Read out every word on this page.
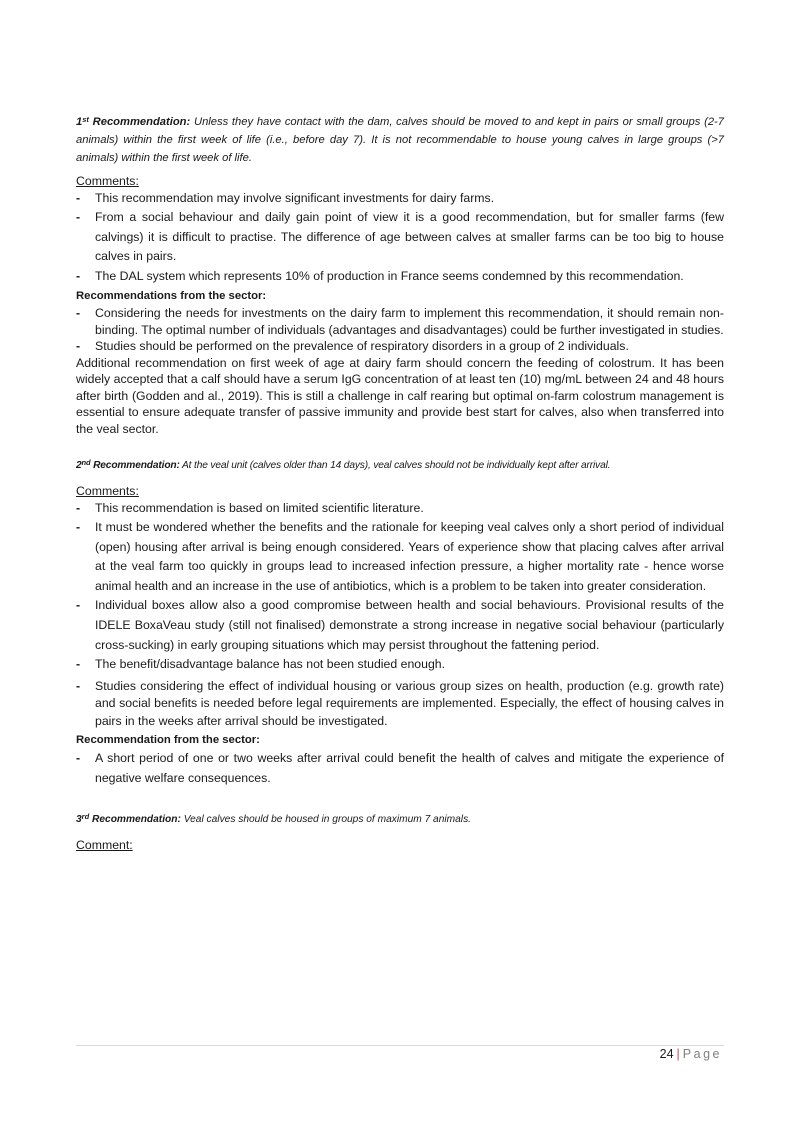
1st Recommendation: Unless they have contact with the dam, calves should be moved to and kept in pairs or small groups (2-7 animals) within the first week of life (i.e., before day 7). It is not recommendable to house young calves in large groups (>7 animals) within the first week of life.

Comments:

- This recommendation may involve significant investments for dairy farms.
- From a social behaviour and daily gain point of view it is a good recommendation, but for smaller farms (few calvings) it is difficult to practise. The difference of age between calves at smaller farms can be too big to house calves in pairs.
- The DAL system which represents 10% of production in France seems condemned by this recommendation.

Recommendations from the sector:

- Considering the needs for investments on the dairy farm to implement this recommendation, it should remain non-binding. The optimal number of individuals (advantages and disadvantages) could be further investigated in studies.
- Studies should be performed on the prevalence of respiratory disorders in a group of 2 individuals.

Additional recommendation on first week of age at dairy farm should concern the feeding of colostrum. It has been widely accepted that a calf should have a serum IgG concentration of at least ten (10) mg/mL between 24 and 48 hours after birth (Godden and al., 2019). This is still a challenge in calf rearing but optimal on-farm colostrum management is essential to ensure adequate transfer of passive immunity and provide best start for calves, also when transferred into the veal sector.

2nd Recommendation: At the veal unit (calves older than 14 days), veal calves should not be individually kept after arrival.

Comments:

- This recommendation is based on limited scientific literature.
- It must be wondered whether the benefits and the rationale for keeping veal calves only a short period of individual (open) housing after arrival is being enough considered. Years of experience show that placing calves after arrival at the veal farm too quickly in groups lead to increased infection pressure, a higher mortality rate - hence worse animal health and an increase in the use of antibiotics, which is a problem to be taken into greater consideration.
- Individual boxes allow also a good compromise between health and social behaviours. Provisional results of the IDELE BoxaVeau study (still not finalised) demonstrate a strong increase in negative social behaviour (particularly cross-sucking) in early grouping situations which may persist throughout the fattening period.
- The benefit/disadvantage balance has not been studied enough.
- Studies considering the effect of individual housing or various group sizes on health, production (e.g. growth rate) and social benefits is needed before legal requirements are implemented. Especially, the effect of housing calves in pairs in the weeks after arrival should be investigated.

Recommendation from the sector:

- A short period of one or two weeks after arrival could benefit the health of calves and mitigate the experience of negative welfare consequences.

3rd Recommendation: Veal calves should be housed in groups of maximum 7 animals.

Comment:

24 | Page
